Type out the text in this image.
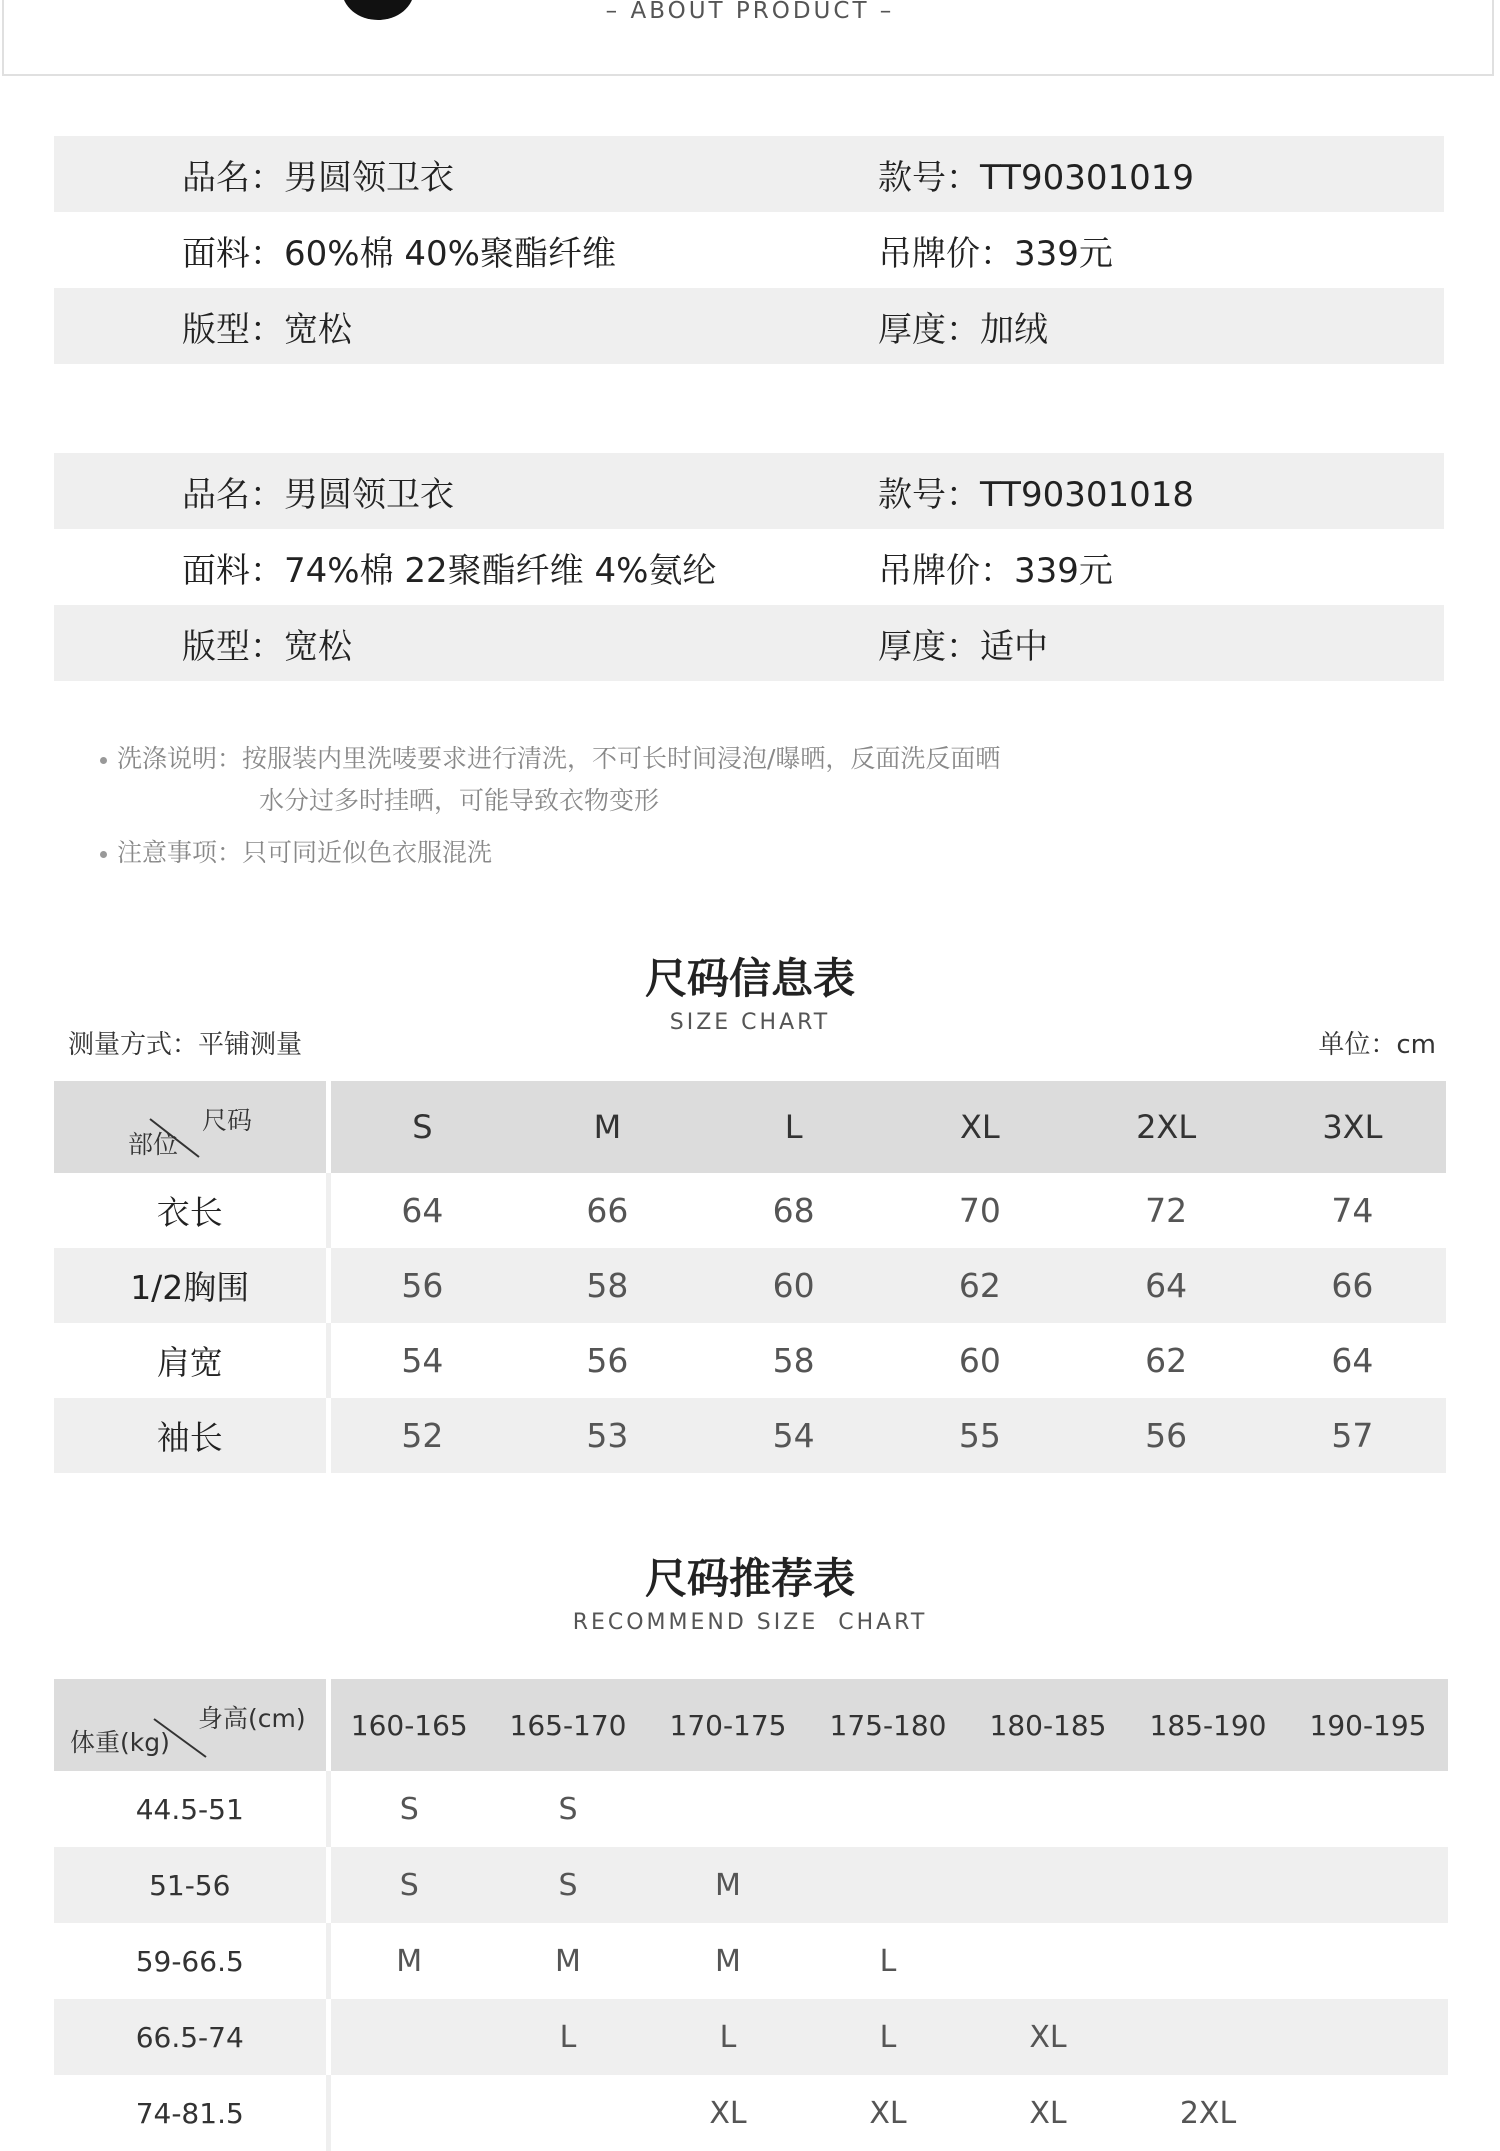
– ABOUT PRODUCT –
品名：男圆领卫衣	款号：TT90301019
面料：60%棉 40%聚酯纤维	吊牌价：339元
版型：宽松	厚度：加绒
品名：男圆领卫衣	款号：TT90301018
面料：74%棉 22聚酯纤维 4%氨纶	吊牌价：339元
版型：宽松	厚度：适中
洗涤说明：按服装内里洗唛要求进行清洗，不可长时间浸泡/曝晒，反面洗反面晒
水分过多时挂晒，可能导致衣物变形
注意事项：只可同近似色衣服混洗
尺码信息表
SIZE CHART
测量方式：平铺测量	单位：cm
尺码
部位	S	M	L	XL	2XL	3XL
衣长	64	66	68	70	72	74
1/2胸围	56	58	60	62	64	66
肩宽	54	56	58	60	62	64
袖长	52	53	54	55	56	57
尺码推荐表
RECOMMEND SIZE  CHART
身高(cm)
体重(kg)	160-165	165-170	170-175	175-180	180-185	185-190	190-195
44.5-51	S	S					
51-56	S	S	M				
59-66.5	M	M	M	L			
66.5-74		L	L	L	XL		
74-81.5			XL	XL	XL	2XL	
